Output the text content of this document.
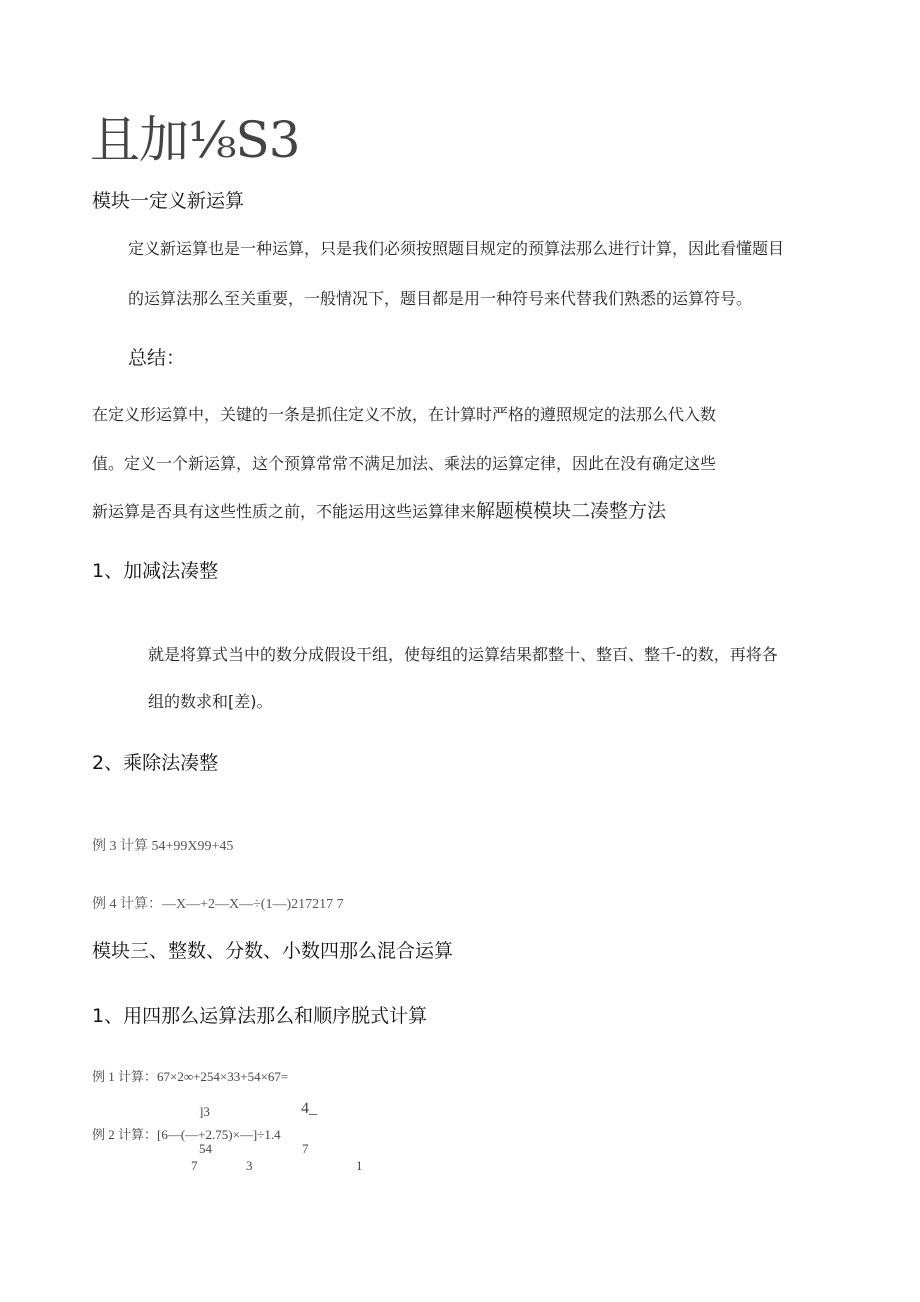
且加⅛S3
模块一定义新运算
定义新运算也是一种运算，只是我们必须按照题目规定的预算法那么进行计算，因此看懂题目
的运算法那么至关重要，一般情况下，题目都是用一种符号来代替我们熟悉的运算符号。
总结：
在定义形运算中，关键的一条是抓住定义不放，在计算时严格的遵照规定的法那么代入数
值。定义一个新运算，这个预算常常不满足加法、乘法的运算定律，因此在没有确定这些
新运算是否具有这些性质之前，不能运用这些运算律来解题模模块二凑整方法
1、加减法凑整
就是将算式当中的数分成假设干组，使每组的运算结果都整十、整百、整千-的数，再将各
组的数求和[差)。
2、乘除法凑整
例 3 计算 54+99X99+45
例 4 计算：—X—+2—X—÷(1—)217217 7
模块三、整数、分数、小数四那么混合运算
1、用四那么运算法那么和顺序脱式计算
例 1 计算：67×2∞+254×33+54×67=
]3	4_
例 2 计算：[6—(—+2.75)×—]÷1.4
54	7
7	3	1
